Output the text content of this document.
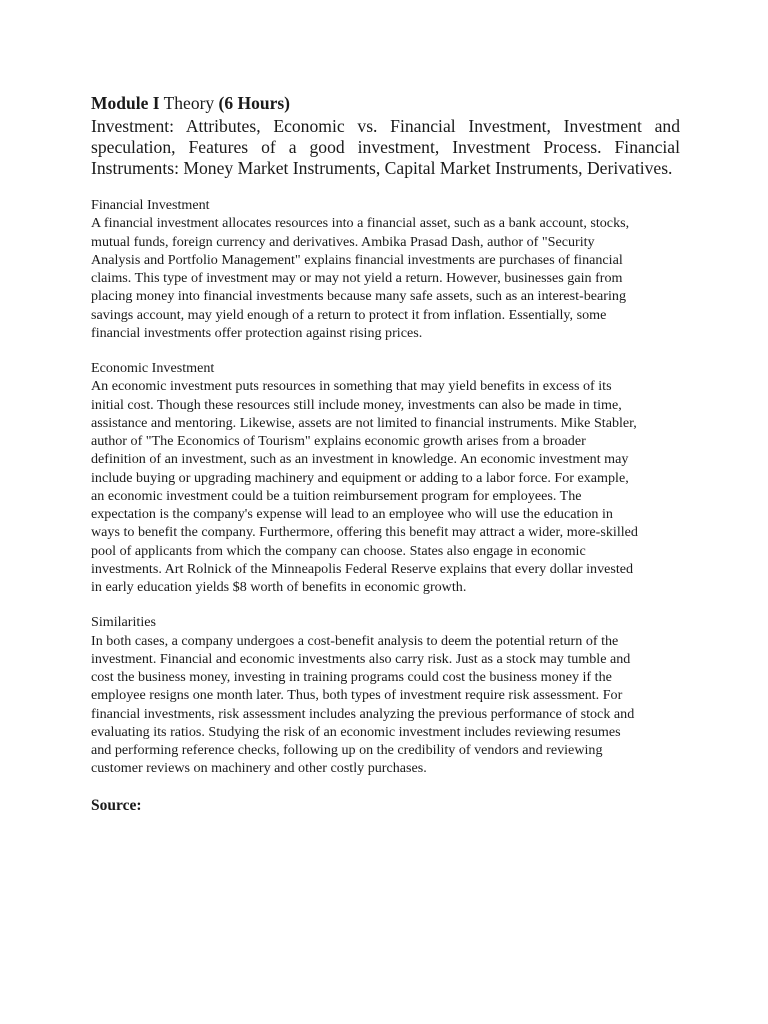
Module I Theory (6 Hours)
Investment: Attributes, Economic vs. Financial Investment, Investment and
speculation, Features of a good investment, Investment Process. Financial
Instruments: Money Market Instruments, Capital Market Instruments, Derivatives.

Financial Investment

A financial investment allocates resources into a financial asset, such as a bank account, stocks,
mutual funds, foreign currency and derivatives. Ambika Prasad Dash, author of "Security
Analysis and Portfolio Management" explains financial investments are purchases of financial
claims. This type of investment may or may not yield a return. However, businesses gain from
placing money into financial investments because many safe assets, such as an interest-bearing
savings account, may yield enough of a return to protect it from inflation. Essentially, some
financial investments offer protection against rising prices.

Economic Investment

An economic investment puts resources in something that may yield benefits in excess of its
initial cost. Though these resources still include money, investments can also be made in time,
assistance and mentoring. Likewise, assets are not limited to financial instruments. Mike Stabler,
author of "The Economics of Tourism" explains economic growth arises from a broader
definition of an investment, such as an investment in knowledge. An economic investment may
include buying or upgrading machinery and equipment or adding to a labor force. For example,
an economic investment could be a tuition reimbursement program for employees. The
expectation is the company's expense will lead to an employee who will use the education in
ways to benefit the company. Furthermore, offering this benefit may attract a wider, more-skilled
pool of applicants from which the company can choose. States also engage in economic
investments. Art Rolnick of the Minneapolis Federal Reserve explains that every dollar invested
in early education yields $8 worth of benefits in economic growth.

Similarities

In both cases, a company undergoes a cost-benefit analysis to deem the potential return of the
investment. Financial and economic investments also carry risk. Just as a stock may tumble and
cost the business money, investing in training programs could cost the business money if the
employee resigns one month later. Thus, both types of investment require risk assessment. For
financial investments, risk assessment includes analyzing the previous performance of stock and
evaluating its ratios. Studying the risk of an economic investment includes reviewing resumes
and performing reference checks, following up on the credibility of vendors and reviewing
customer reviews on machinery and other costly purchases.

Source:
